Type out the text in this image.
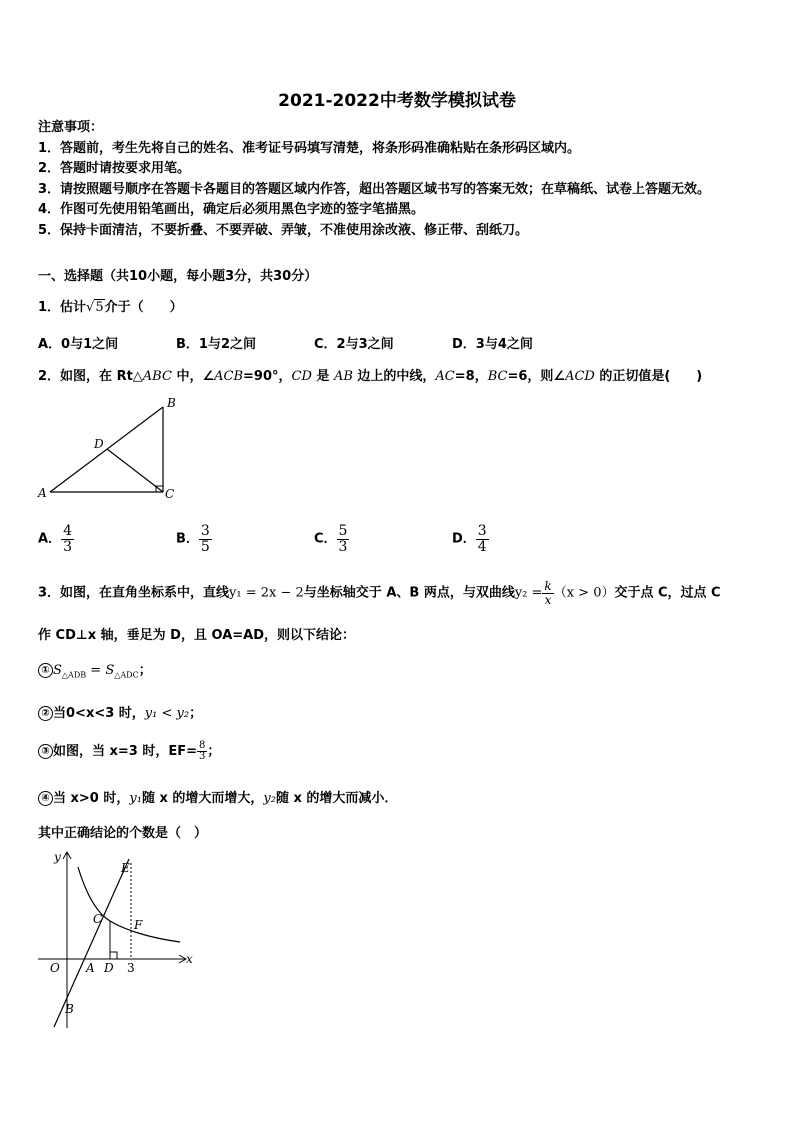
2021-2022中考数学模拟试卷
注意事项：
1．答题前，考生先将自己的姓名、准考证号码填写清楚，将条形码准确粘贴在条形码区域内。
2．答题时请按要求用笔。
3．请按照题号顺序在答题卡各题目的答题区域内作答，超出答题区域书写的答案无效；在草稿纸、试卷上答题无效。
4．作图可先使用铅笔画出，确定后必须用黑色字迹的签字笔描黑。
5．保持卡面清洁，不要折叠、不要弄破、弄皱，不准使用涂改液、修正带、刮纸刀。
一、选择题（共10小题，每小题3分，共30分）
1．估计√5介于（　　）
A．0与1之间	B．1与2之间	C．2与3之间	D．3与4之间
2．如图，在 Rt△ABC 中，∠ACB=90°，CD 是 AB 边上的中线，AC=8，BC=6，则∠ACD 的正切值是(　　)
A
B
C
D
A． $\frac{4}{3}$	B． $\frac{3}{5}$	C． $\frac{5}{3}$	D． $\frac{3}{4}$
3．如图，在直角坐标系中，直线y₁ = 2x − 2与坐标轴交于 A、B 两点，与双曲线$y_2 = \frac{k}{x} (x > 0)$交于点 C，过点 C
作 CD⊥x 轴，垂足为 D，且 OA=AD，则以下结论：
① $S_{\triangle ADB} = S_{\triangle ADC}$；
② 当0<x<3 时，y₁ < y₂；
③ 如图，当 x=3 时，$EF= \frac{8}{3}$ ；
④ 当 x>0 时，y₁随 x 的增大而增大，y₂随 x 的增大而减小．
其中正确结论的个数是（　）
y
x
O A D 3
B
C
E
F
